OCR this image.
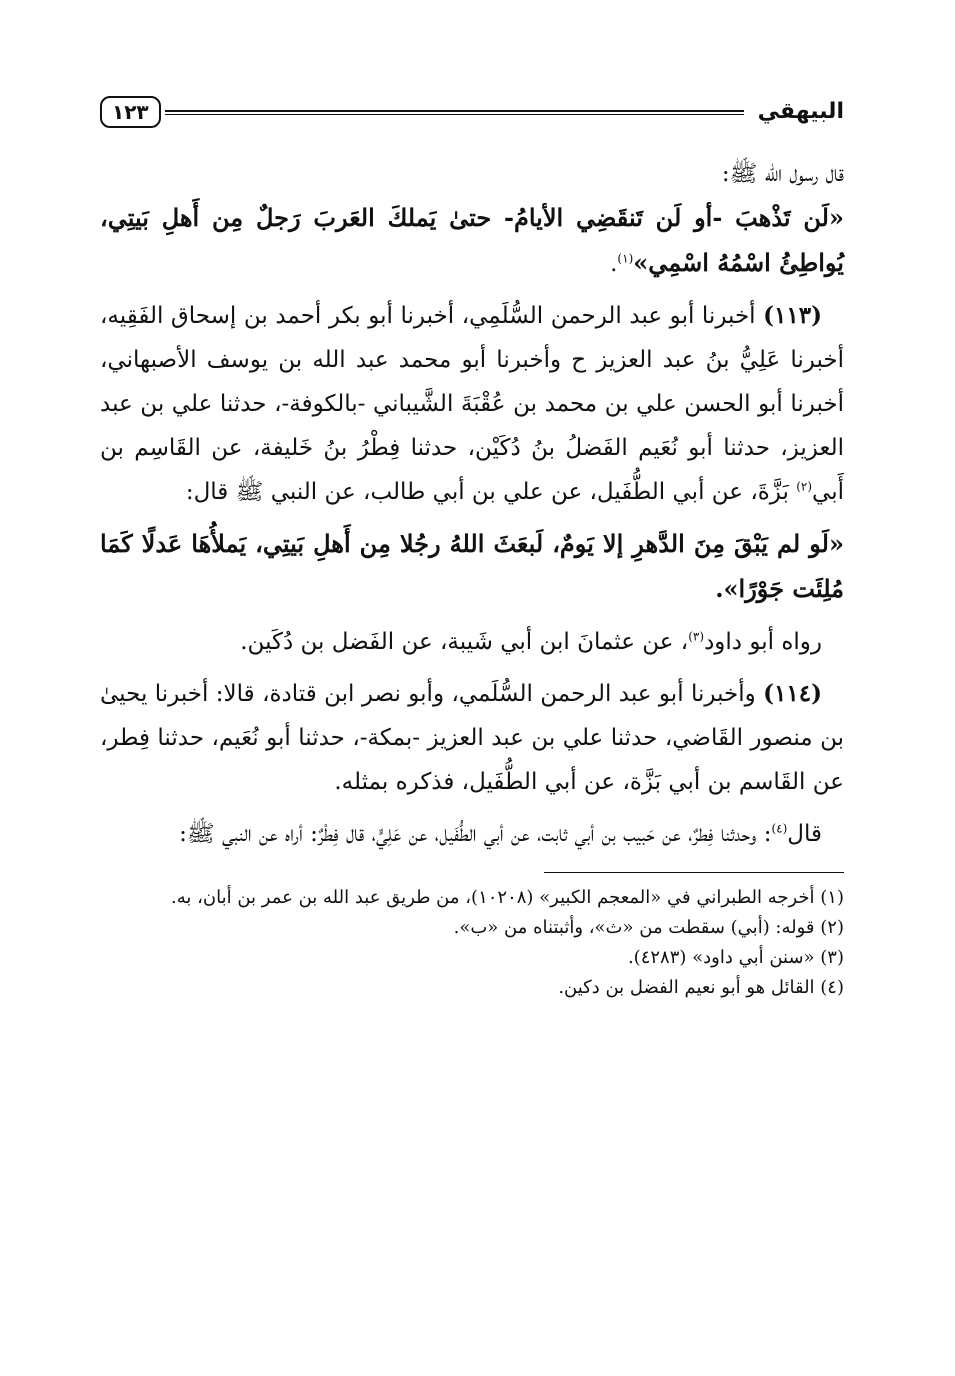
البيهقي
١٢٣

قال رسول الله ﷺ:

«لَن تَذْهبَ -أو لَن تَنقَضِي الأيامُ- حتىٰ يَملكَ العَربَ رَجلٌ مِن أَهلِ بَيتِي، يُواطِئُ اسْمُهُ اسْمِي»$^{(١)}$.

(١١٣) أخبرنا أبو عبد الرحمن السُّلَمِي، أخبرنا أبو بكر أحمد بن إسحاق الفَقِيه، أخبرنا عَلِيُّ بنُ عبد العزيز ح وأخبرنا أبو محمد عبد الله بن يوسف الأصبهاني، أخبرنا أبو الحسن علي بن محمد بن عُقْبَةَ الشَّيباني -بالكوفة-، حدثنا علي بن عبد العزيز، حدثنا أبو نُعَيم الفَضلُ بنُ دُكَيْن، حدثنا فِطْرُ بنُ خَليفة، عن القَاسِم بن أَبي$^{(٢)}$ بَزَّةَ، عن أبي الطُّفَيل، عن علي بن أبي طالب، عن النبي ﷺ قال:

«لَو لم يَبْقَ مِنَ الدَّهرِ إلا يَومٌ، لَبعَثَ اللهُ رجُلا مِن أَهلِ بَيتِي، يَملأُهَا عَدلًا كَمَا مُلِئَت جَوْرًا».

رواه أبو داود$^{(٣)}$، عن عثمانَ ابن أبي شَيبة، عن الفَضل بن دُكَين.

(١١٤) وأخبرنا أبو عبد الرحمن السُّلَمي، وأبو نصر ابن قتادة، قالا: أخبرنا يحيىٰ بن منصور القَاضي، حدثنا علي بن عبد العزيز -بمكة-، حدثنا أبو نُعَيم، حدثنا فِطر، عن القَاسم بن أبي بَزَّة، عن أبي الطُّفَيل، فذكره بمثله.

قال$^{(٤)}$: وحدثنا فِطرٌ، عن حَبيب بن أبي ثابت، عن أبي الطُّفَيل، عن عَلِيٍّ، قال فِطْرٌ: أراه عن النبي ﷺ:

(١) أخرجه الطبراني في «المعجم الكبير» (١٠٢٠٨)، من طريق عبد الله بن عمر بن أبان، به.

(٢) قوله: (أبي) سقطت من «ث»، وأثبتناه من «ب».

(٣) «سنن أبي داود» (٤٢٨٣).

(٤) القائل هو أبو نعيم الفضل بن دكين.
